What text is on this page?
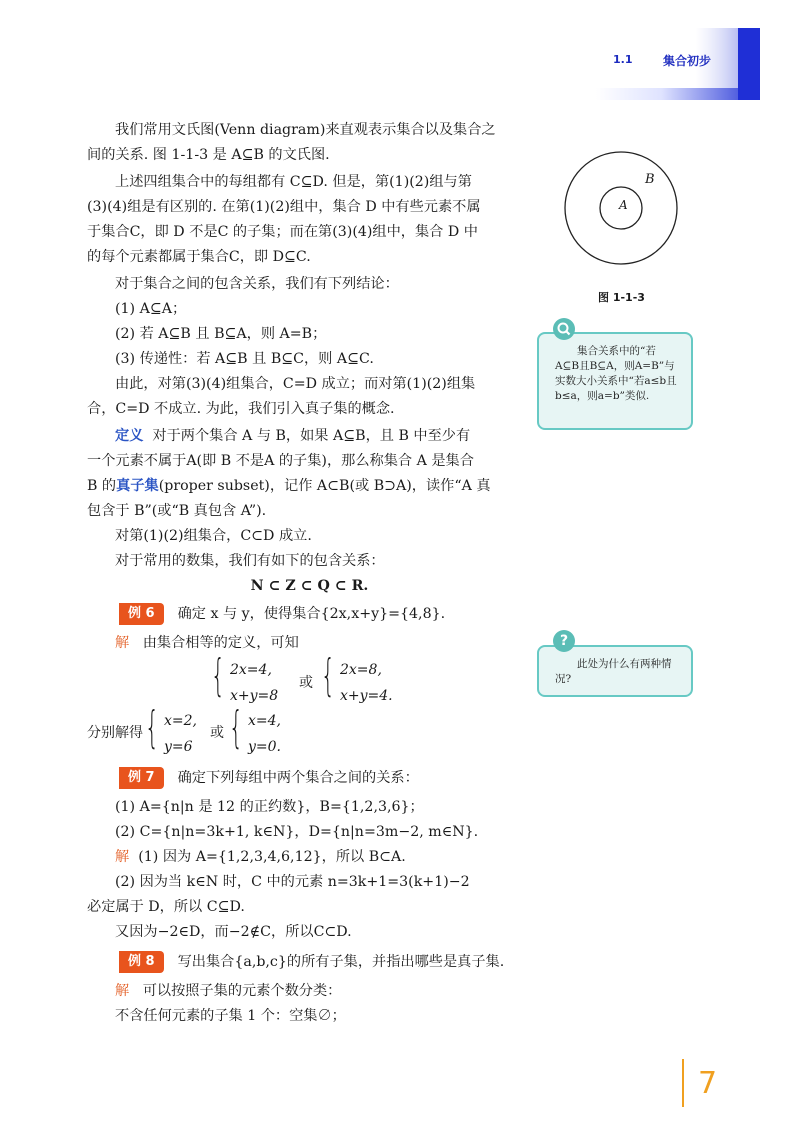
1.1	集合初步
B
A
图 1-1-3
集合关系中的“若A⊆B且B⊆A，则A=B”与实数大小关系中“若a≤b且b≤a，则a=b”类似.
此处为什么有两种情况?
?
我们常用文氏图(Venn diagram)来直观表示集合以及集合之
间的关系. 图 1-1-3 是 A⊆B 的文氏图.
上述四组集合中的每组都有 C⊆D. 但是，第(1)(2)组与第
(3)(4)组是有区别的. 在第(1)(2)组中，集合 D 中有些元素不属
于集合C，即 D 不是C 的子集；而在第(3)(4)组中，集合 D 中
的每个元素都属于集合C，即 D⊆C.
对于集合之间的包含关系，我们有下列结论：
(1) A⊆A；
(2) 若 A⊆B 且 B⊆A，则 A=B；
(3) 传递性：若 A⊆B 且 B⊆C，则 A⊆C.
由此，对第(3)(4)组集合，C=D 成立；而对第(1)(2)组集
合，C=D 不成立. 为此，我们引入真子集的概念.
定义 对于两个集合 A 与 B，如果 A⊆B，且 B 中至少有
一个元素不属于A(即 B 不是A 的子集)，那么称集合 A 是集合
B 的真子集(proper subset)，记作 A⊂B(或 B⊃A)，读作“A 真
包含于 B”(或“B 真包含 A”).
对第(1)(2)组集合，C⊂D 成立.
对于常用的数集，我们有如下的包含关系：
N ⊂ Z ⊂ Q ⊂ R.
例 6 确定 x 与 y，使得集合{2x,x+y}={4,8}.
解 由集合相等的定义，可知
{ 2x=4,
x+y=8
或 { 2x=8,
x+y=4.
分别解得 { x=2,
y=6
或 { x=4,
y=0.
例 7 确定下列每组中两个集合之间的关系：
(1) A={n|n 是 12 的正约数}，B={1,2,3,6}；
(2) C={n|n=3k+1, k∈N}，D={n|n=3m−2, m∈N}.
解 (1) 因为 A={1,2,3,4,6,12}，所以 B⊂A.
(2) 因为当 k∈N 时，C 中的元素 n=3k+1=3(k+1)−2
必定属于 D，所以 C⊆D.
又因为−2∈D，而−2∉C，所以C⊂D.
例 8 写出集合{a,b,c}的所有子集，并指出哪些是真子集.
解 可以按照子集的元素个数分类：
不含任何元素的子集 1 个：空集∅；
7
